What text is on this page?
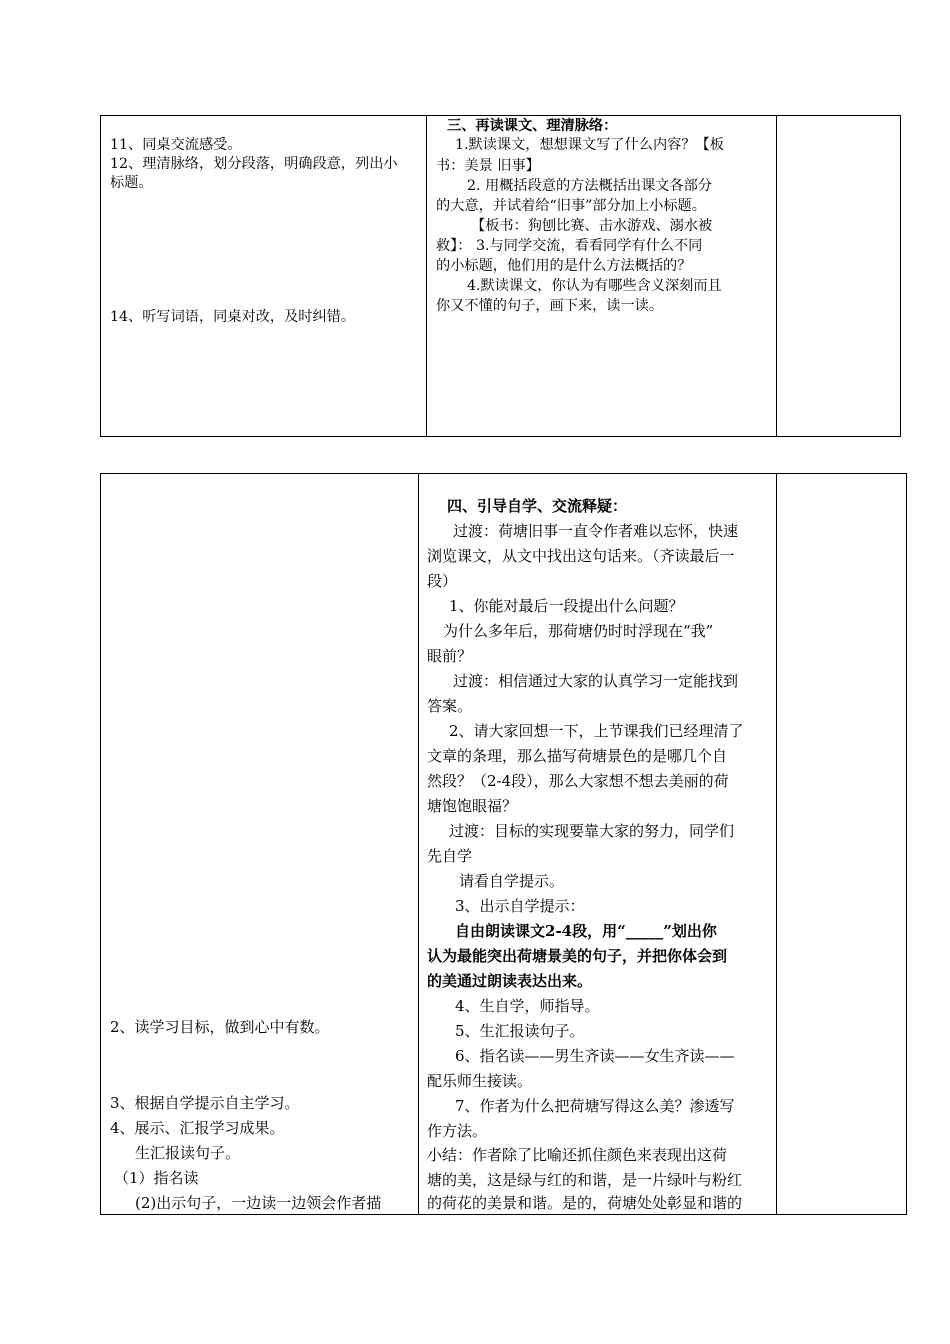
11、同桌交流感受。
12、理清脉络，划分段落，明确段意，列出小
标题。
14、听写词语，同桌对改，及时纠错。

三、再读课文、理清脉络：
1.默读课文，想想课文写了什么内容？【板
书：美景 旧事】
2. 用概括段意的方法概括出课文各部分
的大意，并试着给“旧事”部分加上小标题。
【板书：狗刨比赛、击水游戏、溺水被
救】： 3.与同学交流，看看同学有什么不同
的小标题，他们用的是什么方法概括的？
4.默读课文，你认为有哪些含义深刻而且
你又不懂的句子，画下来，读一读。

2、读学习目标，做到心中有数。
3、根据自学提示自主学习。
4、展示、汇报学习成果。
生汇报读句子。
（1）指名读
(2)出示句子，一边读一边领会作者描

四、引导自学、交流释疑：
过渡：荷塘旧事一直令作者难以忘怀，快速
浏览课文，从文中找出这句话来。（齐读最后一
段）
1、你能对最后一段提出什么问题？
为什么多年后，那荷塘仍时时浮现在“我”
眼前？
过渡：相信通过大家的认真学习一定能找到
答案。
2、请大家回想一下，上节课我们已经理清了
文章的条理，那么描写荷塘景色的是哪几个自
然段？（2-4段），那么大家想不想去美丽的荷
塘饱饱眼福？
过渡：目标的实现要靠大家的努力，同学们
先自学
请看自学提示。
3、出示自学提示：
自由朗读课文2-4段，用“_____”划出你
认为最能突出荷塘景美的句子，并把你体会到
的美通过朗读表达出来。
4、生自学，师指导。
5、生汇报读句子。
6、指名读——男生齐读——女生齐读——
配乐师生接读。
7、作者为什么把荷塘写得这么美？渗透写
作方法。
小结：作者除了比喻还抓住颜色来表现出这荷
塘的美，这是绿与红的和谐，是一片绿叶与粉红
的荷花的美景和谐。是的，荷塘处处彰显和谐的
